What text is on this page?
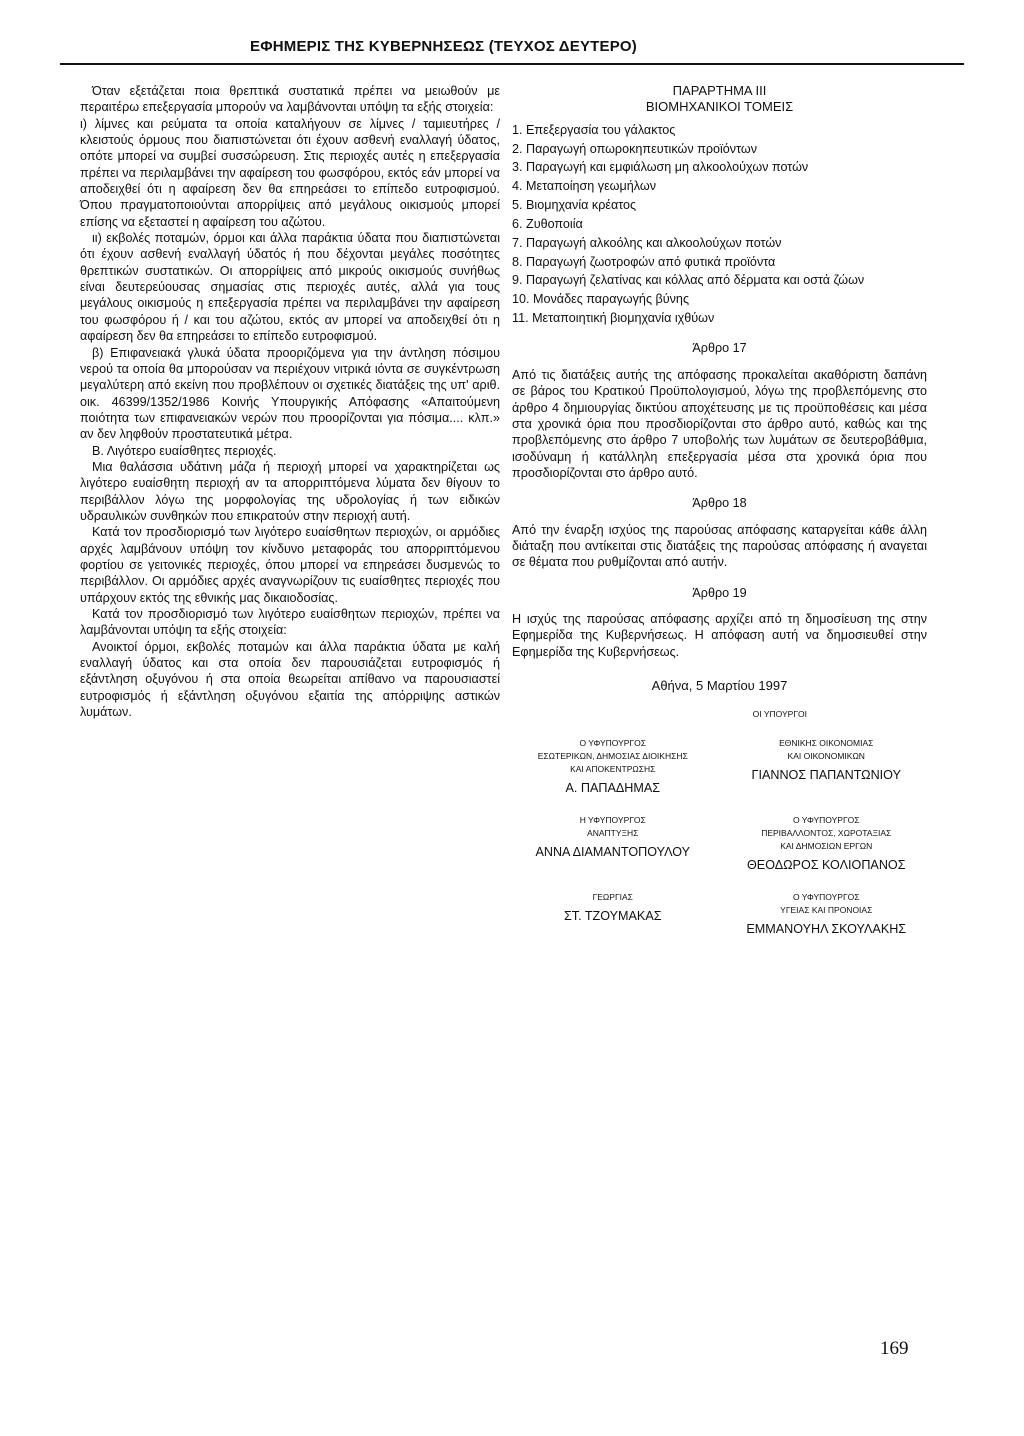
ΕΦΗΜΕΡΙΣ ΤΗΣ ΚΥΒΕΡΝΗΣΕΩΣ (ΤΕΥΧΟΣ ΔΕΥΤΕΡΟ)

Όταν εξετάζεται ποια θρεπτικά συστατικά πρέπει να μειωθούν με περαιτέρω επεξεργασία μπορούν να λαμβάνονται υπόψη τα εξής στοιχεία:

ι) λίμνες και ρεύματα τα οποία καταλήγουν σε λίμνες / ταμιευτήρες / κλειστούς όρμους που διαπιστώνεται ότι έχουν ασθενή εναλλαγή ύδατος, οπότε μπορεί να συμβεί συσσώρευση. Στις περιοχές αυτές η επεξεργασία πρέπει να περιλαμβάνει την αφαίρεση του φωσφόρου, εκτός εάν μπορεί να αποδειχθεί ότι η αφαίρεση δεν θα επηρεάσει το επίπεδο ευτροφισμού. Όπου πραγματοποιούνται απορρίψεις από μεγάλους οικισμούς μπορεί επίσης να εξεταστεί η αφαίρεση του αζώτου.

ιι) εκβολές ποταμών, όρμοι και άλλα παράκτια ύδατα που διαπιστώνεται ότι έχουν ασθενή εναλλαγή ύδατός ή που δέχονται μεγάλες ποσότητες θρεπτικών συστατικών. Οι απορρίψεις από μικρούς οικισμούς συνήθως είναι δευτερεύουσας σημασίας στις περιοχές αυτές, αλλά για τους μεγάλους οικισμούς η επεξεργασία πρέπει να περιλαμβάνει την αφαίρεση του φωσφόρου ή / και του αζώτου, εκτός αν μπορεί να αποδειχθεί ότι η αφαίρεση δεν θα επηρεάσει το επίπεδο ευτροφισμού.

β) Επιφανειακά γλυκά ύδατα προοριζόμενα για την άντληση πόσιμου νερού τα οποία θα μπορούσαν να περιέχουν νιτρικά ιόντα σε συγκέντρωση μεγαλύτερη από εκείνη που προβλέπουν οι σχετικές διατάξεις της υπ' αριθ. οικ. 46399/1352/1986 Κοινής Υπουργικής Απόφασης «Απαιτούμενη ποιότητα των επιφανειακών νερών που προορίζονται για πόσιμα.... κλπ.» αν δεν ληφθούν προστατευτικά μέτρα.

Β. Λιγότερο ευαίσθητες περιοχές.

Μια θαλάσσια υδάτινη μάζα ή περιοχή μπορεί να χαρακτηρίζεται ως λιγότερο ευαίσθητη περιοχή αν τα απορριπτόμενα λύματα δεν θίγουν το περιβάλλον λόγω της μορφολογίας της υδρολογίας ή των ειδικών υδραυλικών συνθηκών που επικρατούν στην περιοχή αυτή.

Κατά τον προσδιορισμό των λιγότερο ευαίσθητων περιοχών, οι αρμόδιες αρχές λαμβάνουν υπόψη τον κίνδυνο μεταφοράς του απορριπτόμενου φορτίου σε γειτονικές περιοχές, όπου μπορεί να επηρεάσει δυσμενώς το περιβάλλον. Οι αρμόδιες αρχές αναγνωρίζουν τις ευαίσθητες περιοχές που υπάρχουν εκτός της εθνικής μας δικαιοδοσίας.

Κατά τον προσδιορισμό των λιγότερο ευαίσθητων περιοχών, πρέπει να λαμβάνονται υπόψη τα εξής στοιχεία:

Ανοικτοί όρμοι, εκβολές ποταμών και άλλα παράκτια ύδατα με καλή εναλλαγή ύδατος και στα οποία δεν παρουσιάζεται ευτροφισμός ή εξάντληση οξυγόνου ή στα οποία θεωρείται απίθανο να παρουσιαστεί ευτροφισμός ή εξάντληση οξυγόνου εξαιτία της απόρριψης αστικών λυμάτων.

ΠΑΡΑΡΤΗΜΑ III
ΒΙΟΜΗΧΑΝΙΚΟΙ ΤΟΜΕΙΣ
1. Επεξεργασία του γάλακτος
2. Παραγωγή οπωροκηπευτικών προϊόντων
3. Παραγωγή και εμφιάλωση μη αλκοολούχων ποτών
4. Μεταποίηση γεωμήλων
5. Βιομηχανία κρέατος
6. Ζυθοποιία
7. Παραγωγή αλκοόλης και αλκοολούχων ποτών
8. Παραγωγή ζωοτροφών από φυτικά προϊόντα
9. Παραγωγή ζελατίνας και κόλλας από δέρματα και οστά ζώων
10. Μονάδες παραγωγής βύνης
11. Μεταποιητική βιομηχανία ιχθύων
Άρθρο 17

Από τις διατάξεις αυτής της απόφασης προκαλείται ακαθόριστη δαπάνη σε βάρος του Κρατικού Προϋπολογισμού, λόγω της προβλεπόμενης στο άρθρο 4 δημιουργίας δικτύου αποχέτευσης με τις προϋποθέσεις και μέσα στα χρονικά όρια που προσδιορίζονται στο άρθρο αυτό, καθώς και της προβλεπόμενης στο άρθρο 7 υποβολής των λυμάτων σε δευτεροβάθμια, ισοδύναμη ή κατάλληλη επεξεργασία μέσα στα χρονικά όρια που προσδιορίζονται στο άρθρο αυτό.

Άρθρο 18

Από την έναρξη ισχύος της παρούσας απόφασης καταργείται κάθε άλλη διάταξη που αντίκειται στις διατάξεις της παρούσας απόφασης ή αναγεται σε θέματα που ρυθμίζονται από αυτήν.

Άρθρο 19

Η ισχύς της παρούσας απόφασης αρχίζει από τη δημοσίευση της στην Εφημερίδα της Κυβερνήσεως. Η απόφαση αυτή να δημοσιευθεί στην Εφημερίδα της Κυβερνήσεως.

Αθήνα, 5 Μαρτίου 1997
ΟΙ ΥΠΟΥΡΓΟΙ
Ο ΥΦΥΠΟΥΡΓΟΣ
ΕΣΩΤΕΡΙΚΩΝ, ΔΗΜΟΣΙΑΣ ΔΙΟΙΚΗΣΗΣ
ΚΑΙ ΑΠΟΚΕΝΤΡΩΣΗΣ
Α. ΠΑΠΑΔΗΜΑΣ
ΕΘΝΙΚΗΣ ΟΙΚΟΝΟΜΙΑΣ
ΚΑΙ ΟΙΚΟΝΟΜΙΚΩΝ
ΓΙΑΝΝΟΣ ΠΑΠΑΝΤΩΝΙΟΥ
Η ΥΦΥΠΟΥΡΓΟΣ
ΑΝΑΠΤΥΞΗΣ
ΑΝΝΑ ΔΙΑΜΑΝΤΟΠΟΥΛΟΥ
Ο ΥΦΥΠΟΥΡΓΟΣ
ΠΕΡΙΒΑΛΛΟΝΤΟΣ, ΧΩΡΟΤΑΞΙΑΣ
ΚΑΙ ΔΗΜΟΣΙΩΝ ΕΡΓΩΝ
ΘΕΟΔΩΡΟΣ ΚΟΛΙΟΠΑΝΟΣ
ΓΕΩΡΓΙΑΣ
ΣΤ. ΤΖΟΥΜΑΚΑΣ
Ο ΥΦΥΠΟΥΡΓΟΣ
ΥΓΕΙΑΣ ΚΑΙ ΠΡΟΝΟΙΑΣ
ΕΜΜΑΝΟΥΗΛ ΣΚΟΥΛΑΚΗΣ
169
